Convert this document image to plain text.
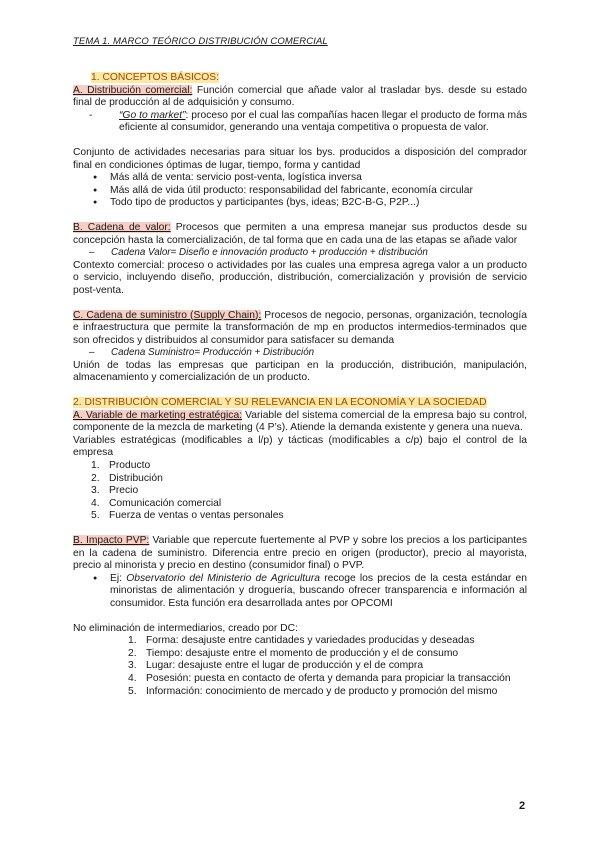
TEMA 1. MARCO TEÓRICO DISTRIBUCIÓN COMERCIAL

1. CONCEPTOS BÁSICOS:

A. Distribución comercial: Función comercial que añade valor al trasladar bys. desde su estado final de producción al de adquisición y consumo.

- “Go to market”: proceso por el cual las compañías hacen llegar el producto de forma más eficiente al consumidor, generando una ventaja competitiva o propuesta de valor.

Conjunto de actividades necesarias para situar los bys. producidos a disposición del comprador final en condiciones óptimas de lugar, tiempo, forma y cantidad

● Más allá de venta: servicio post-venta, logística inversa
● Más allá de vida útil producto: responsabilidad del fabricante, economía circular
● Todo tipo de productos y participantes (bys, ideas; B2C-B-G, P2P...)

B. Cadena de valor: Procesos que permiten a una empresa manejar sus productos desde su concepción hasta la comercialización, de tal forma que en cada una de las etapas se añade valor

– Cadena Valor= Diseño e innovación producto + producción + distribución

Contexto comercial: proceso o actividades por las cuales una empresa agrega valor a un producto o servicio, incluyendo diseño, producción, distribución, comercialización y provisión de servicio post-venta.

C. Cadena de suministro (Supply Chain): Procesos de negocio, personas, organización, tecnología e infraestructura que permite la transformación de mp en productos intermedios-terminados que son ofrecidos y distribuidos al consumidor para satisfacer su demanda

– Cadena Suministro= Producción + Distribución

Unión de todas las empresas que participan en la producción, distribución, manipulación, almacenamiento y comercialización de un producto.

2. DISTRIBUCIÓN COMERCIAL Y SU RELEVANCIA EN LA ECONOMÍA Y LA SOCIEDAD

A. Variable de marketing estratégica: Variable del sistema comercial de la empresa bajo su control, componente de la mezcla de marketing (4 P’s). Atiende la demanda existente y genera una nueva.

Variables estratégicas (modificables a l/p) y tácticas (modificables a c/p) bajo el control de la empresa

1. Producto
2. Distribución
3. Precio
4. Comunicación comercial
5. Fuerza de ventas o ventas personales

B. Impacto PVP: Variable que repercute fuertemente al PVP y sobre los precios a los participantes en la cadena de suministro. Diferencia entre precio en origen (productor), precio al mayorista, precio al minorista y precio en destino (consumidor final) o PVP.

● Ej: Observatorio del Ministerio de Agricultura recoge los precios de la cesta estándar en minoristas de alimentación y droguería, buscando ofrecer transparencia e información al consumidor. Esta función era desarrollada antes por OPCOMI

No eliminación de intermediarios, creado por DC:

1. Forma: desajuste entre cantidades y variedades producidas y deseadas
2. Tiempo: desajuste entre el momento de producción y el de consumo
3. Lugar: desajuste entre el lugar de producción y el de compra
4. Posesión: puesta en contacto de oferta y demanda para propiciar la transacción
5. Información: conocimiento de mercado y de producto y promoción del mismo
2
